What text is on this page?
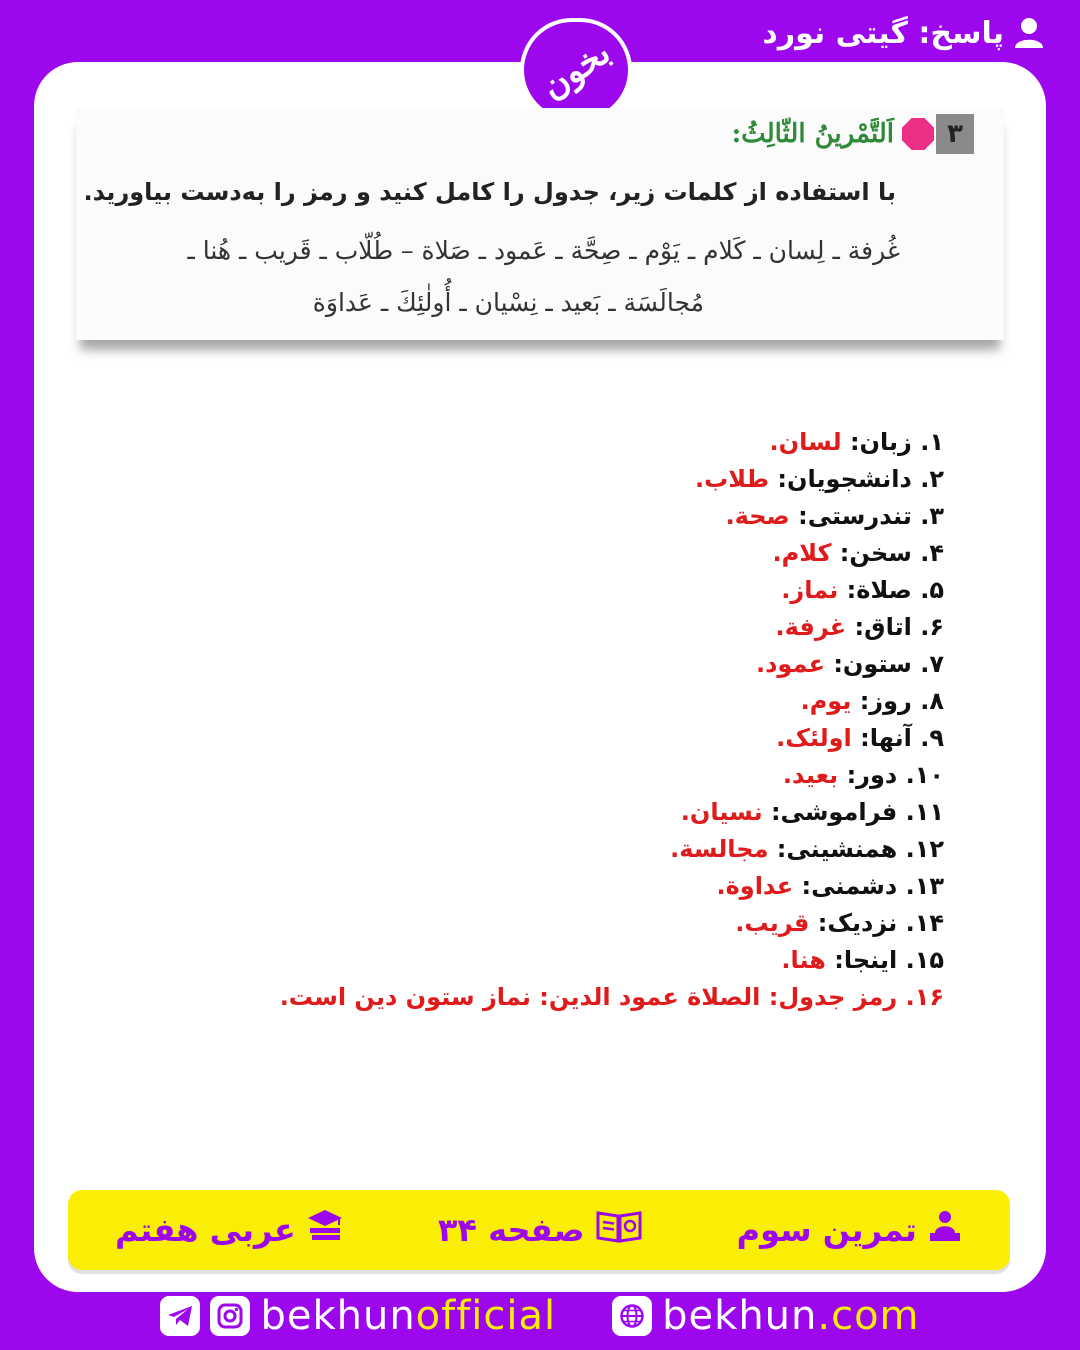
پاسخ: گیتی نورد
بخون
۳
اَلتَّمْرینُ الثّالِثُ:
با استفاده از کلمات زیر، جدول را کامل کنید و رمز را به‌دست بیاورید.
غُرفة ـ لِسان ـ کَلام ـ یَوْم ـ صِحَّة ـ عَمود ـ صَلاة – طُلّاب ـ قَریب ـ هُنا ـ
مُجالَسَة ـ بَعید ـ نِسْیان ـ أُولٰئِكَ ـ عَداوَة
۱. زبان: لسان.
۲. دانشجویان: طلاب.
۳. تندرستی: صحة.
۴. سخن: کلام.
۵. صلاة: نماز.
۶. اتاق: غرفة.
۷. ستون: عمود.
۸. روز: یوم.
۹. آنها: اولئک.
۱۰. دور: بعید.
۱۱. فراموشی: نسیان.
۱۲. همنشینی: مجالسة.
۱۳. دشمنی: عداوة.
۱۴. نزدیک: قریب.
۱۵. اینجا: هنا.
۱۶. رمز جدول: الصلاة عمود الدین: نماز ستون دین است.
تمرین سوم
صفحه ۳۴
عربی هفتم
bekhunofficial	bekhun.com
